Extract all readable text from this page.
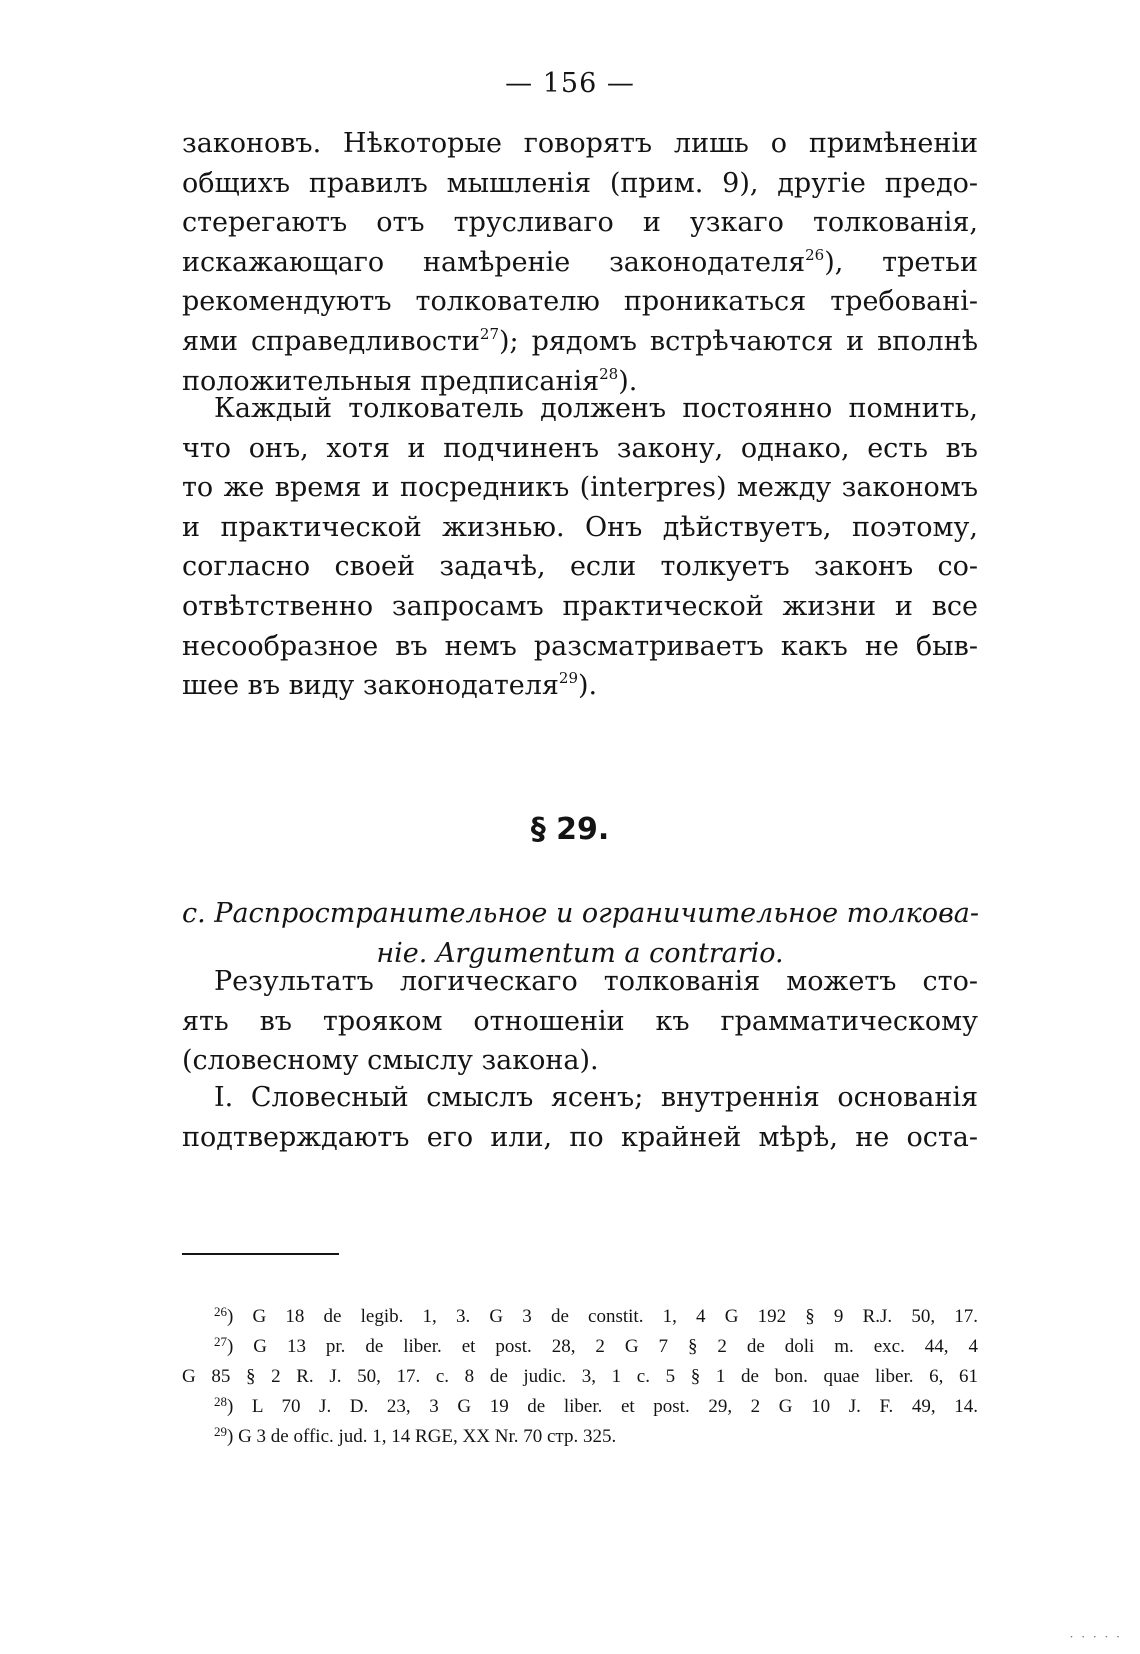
— 156 —

законовъ. Нѣкоторые говорятъ лишь о примѣненіи
общихъ правилъ мышленія (прим. 9), другіе предо-
стерегаютъ отъ трусливаго и узкаго толкованія,
искажающаго намѣреніе законодателя$^{26}$), третьи
рекомендуютъ толкователю проникаться требовані-
ями справедливости$^{27}$); рядомъ встрѣчаются и вполнѣ
положительныя предписанія$^{28}$).

Каждый толкователь долженъ постоянно помнить,
что онъ, хотя и подчиненъ закону, однако, есть въ
то же время и посредникъ (interpres) между закономъ
и практической жизнью. Онъ дѣйствуетъ, поэтому,
согласно своей задачѣ, если толкуетъ законъ со-
отвѣтственно запросамъ практической жизни и все
несообразное въ немъ разсматриваетъ какъ не быв-
шее въ виду законодателя$^{29}$).

§ 29.
c. Распространительное и ограничительное толкова-
ніе. Argumentum a contrario.

Результатъ логическаго толкованія можетъ сто-
ять въ трояком отношеніи къ грамматическому
(словесному смыслу закона).

I. Словесный смыслъ ясенъ; внутреннія основанія
подтверждаютъ его или, по крайней мѣрѣ, не оста-

$^{26}$) G 18 de legib. 1, 3. G 3 de constit. 1, 4 G 192 § 9 R.J. 50, 17.
$^{27}$) G 13 pr. de liber. et post. 28, 2 G 7 § 2 de doli m. exc. 44, 4
G 85 § 2 R. J. 50, 17. c. 8 de judic. 3, 1 c. 5 § 1 de bon. quae liber. 6, 61
$^{28}$) L 70 J. D. 23, 3 G 19 de liber. et post. 29, 2 G 10 J. F. 49, 14.
$^{29}$) G 3 de offic. jud. 1, 14 RGE, XX Nr. 70 стр. 325.
· · · · ·
